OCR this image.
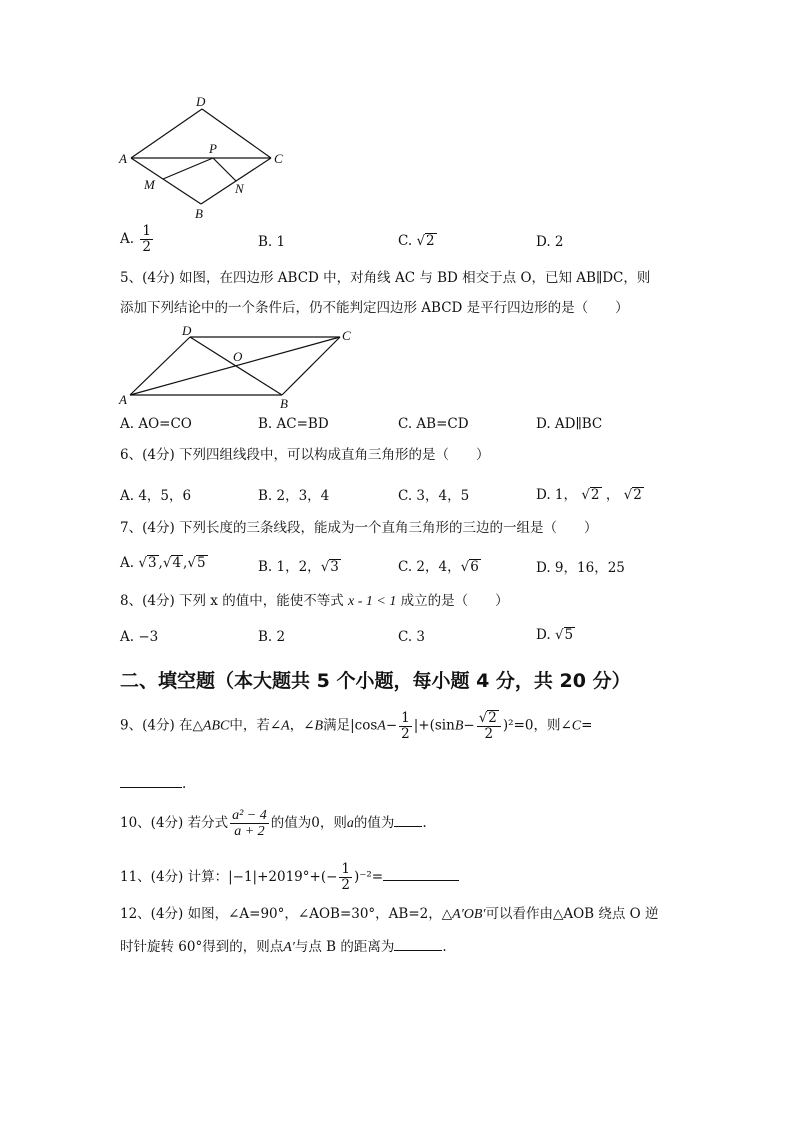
D
A
P
C
M	N
B
A. $\frac{1}{2}$	B. 1	C. √2	D. 2
5、(4分) 如图，在四边形 ABCD 中，对角线 AC 与 BD 相交于点 O，已知 AB∥DC，则
添加下列结论中的一个条件后，仍不能判定四边形 ABCD 是平行四边形的是（　　）
D	C
O
A	B
A. AO=CO	B. AC=BD	C. AB=CD	D. AD∥BC
6、(4分) 下列四组线段中，可以构成直角三角形的是（　　）
A. 4，5，6	B. 2，3，4	C. 3，4，5	D. 1， √2 ， √2
7、(4分) 下列长度的三条线段，能成为一个直角三角形的三边的一组是（　　）
A. √3 ,√4 ,√5	B. 1，2，√3	C. 2，4，√6	D. 9，16，25
8、(4分) 下列 x 的值中，能使不等式 x - 1 < 1 成立的是（　　）
A. −3	B. 2	C. 3	D. √5
二、填空题（本大题共 5 个小题，每小题 4 分，共 20 分）
9、(4分) 在△ABC中，若∠A，∠B满足$|\cos A- \frac{1}{2} |+(\sin B- \frac{√2}{2} )^2=0$，则∠C=
.
10、(4分) 若分式 $\frac{\text{a² − 4}}{a + 2}$ 的值为0，则a的值为 .
11、(4分) 计算：$|-1|+2019^\circ+(- \frac{1}{2} )^{-2}=$
12、(4分) 如图，∠A=90°，∠AOB=30°，AB=2，△A′OB′可以看作由△AOB 绕点 O 逆
时针旋转 60°得到的，则点A′与点 B 的距离为	.
